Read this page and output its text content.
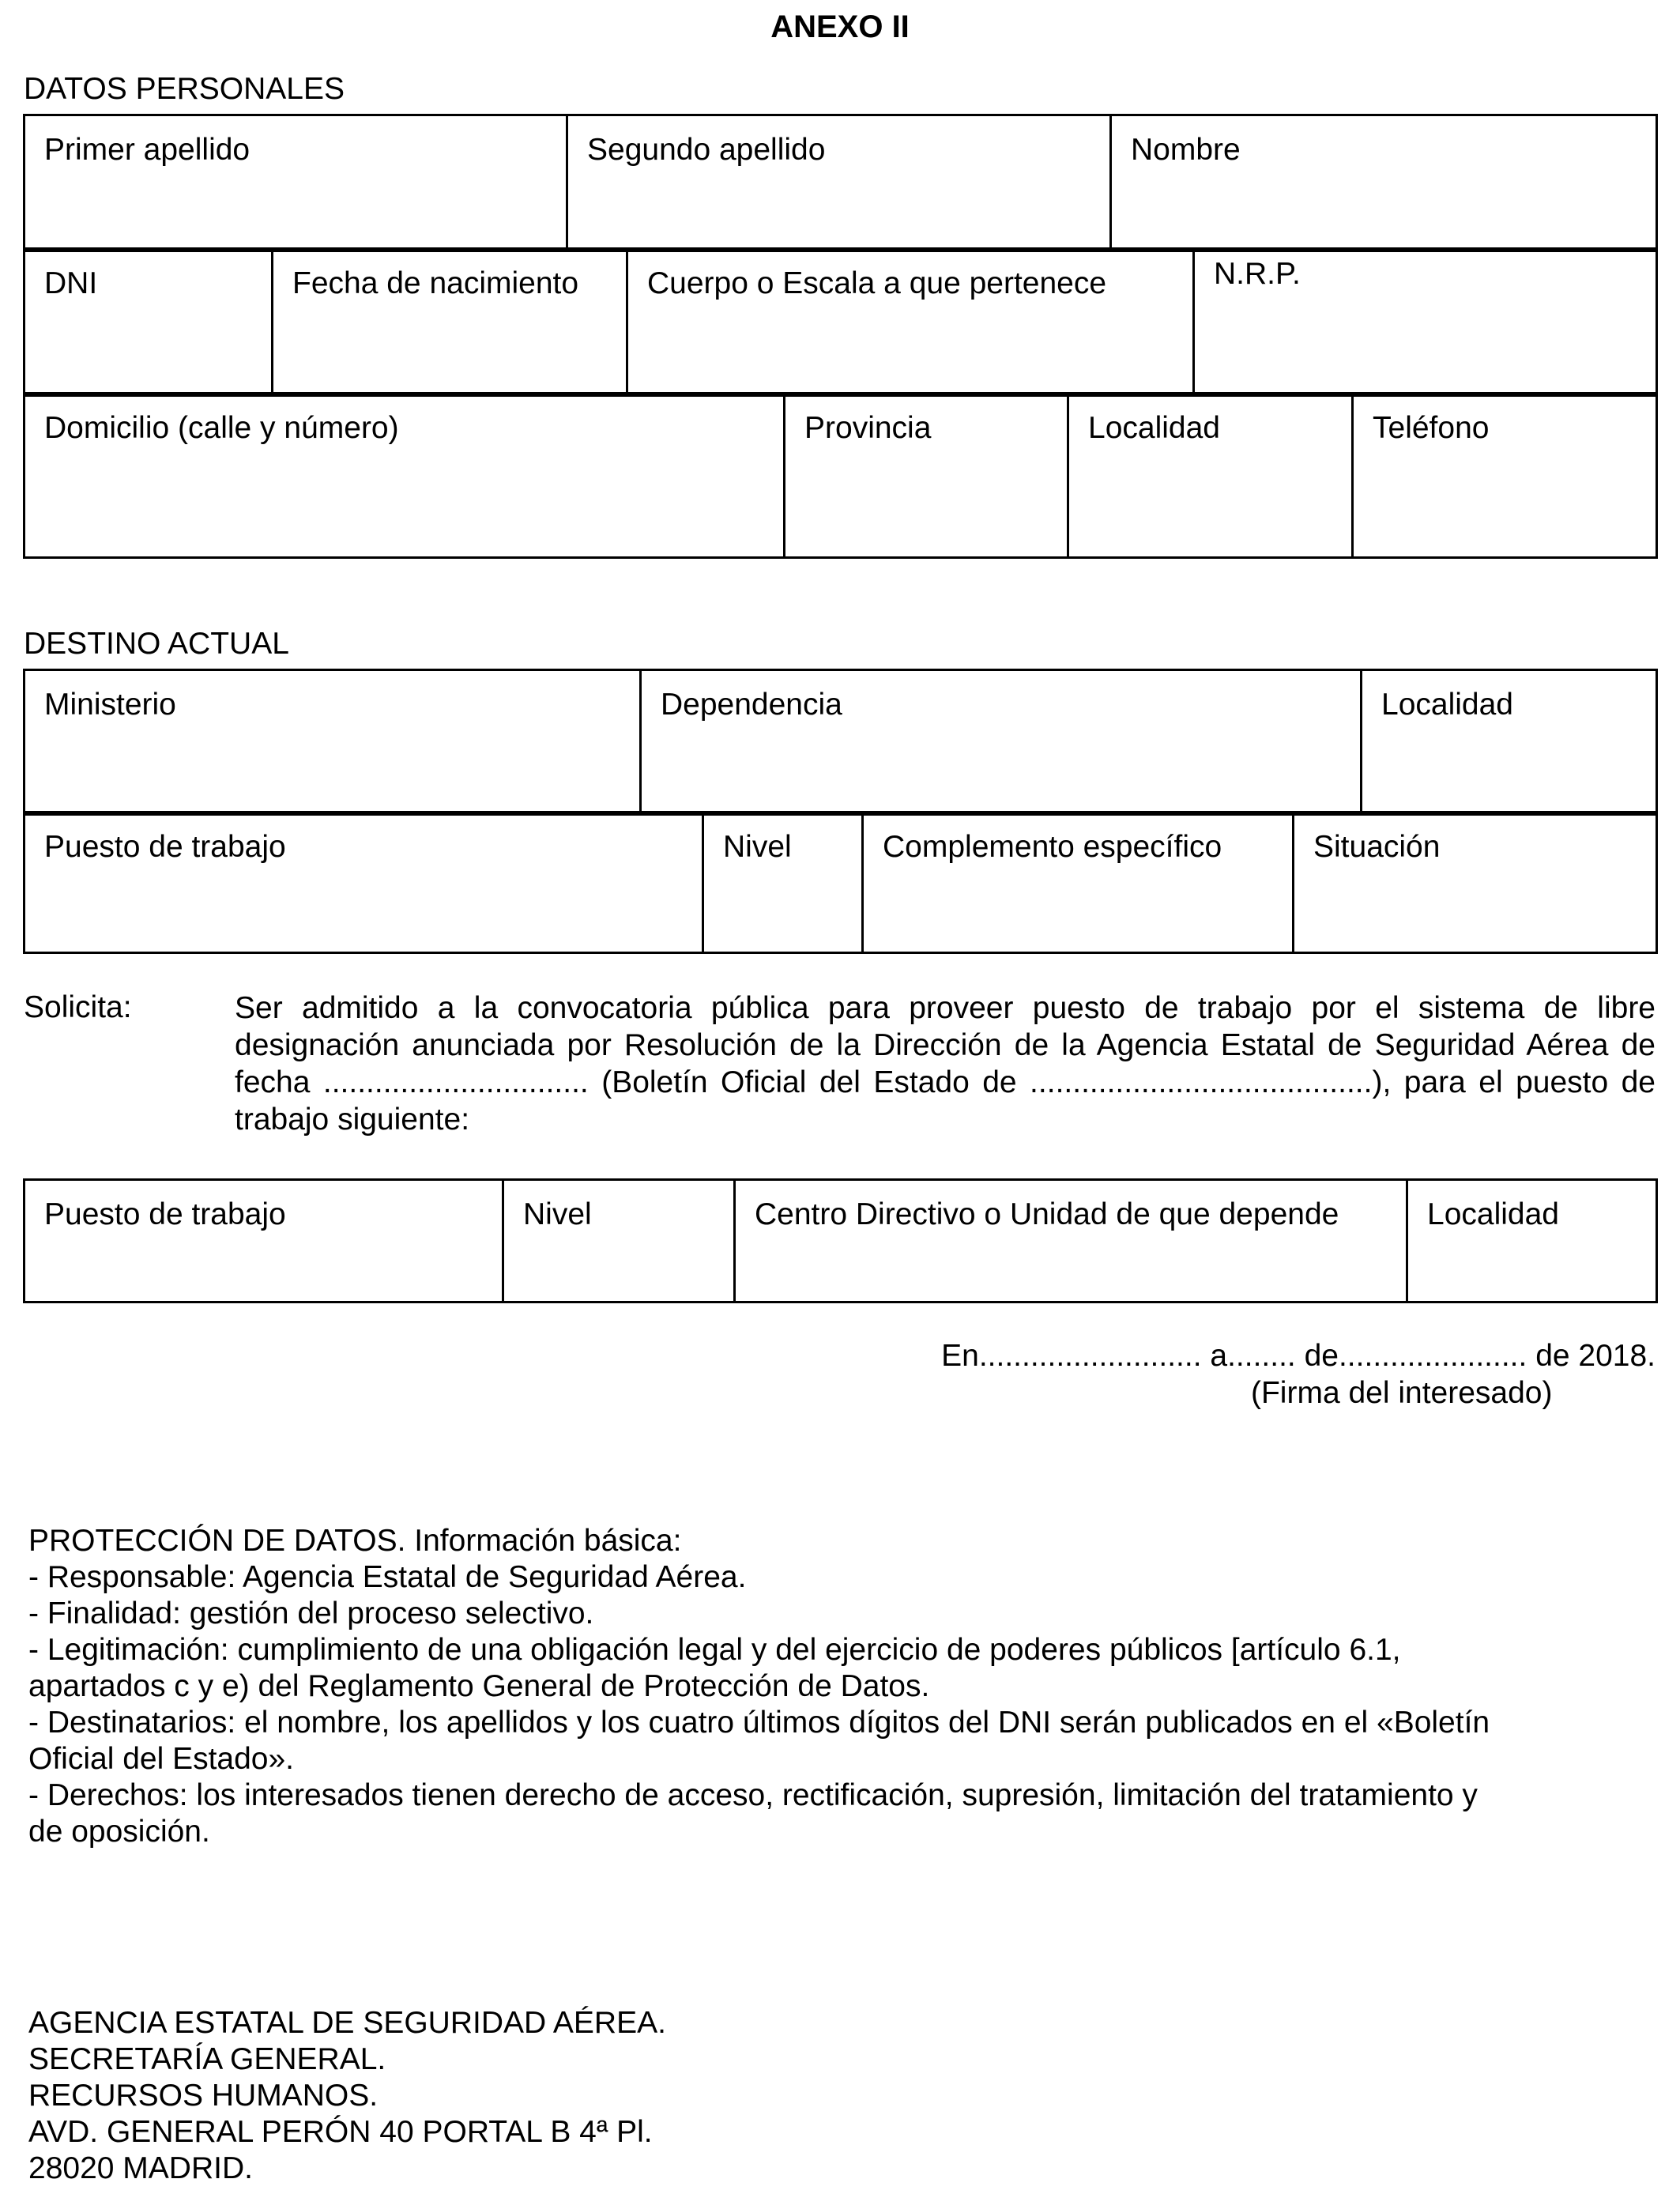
ANEXO II
DATOS PERSONALES
Primer apellido	Segundo apellido	Nombre
DNI	Fecha de nacimiento	Cuerpo o Escala a que pertenece	N.R.P.
Domicilio (calle y número)	Provincia	Localidad	Teléfono
DESTINO ACTUAL
Ministerio	Dependencia	Localidad
Puesto de trabajo	Nivel	Complemento específico	Situación
Solicita:	Ser admitido a la convocatoria pública para proveer puesto de trabajo por el sistema de libre designación anunciada por Resolución de la Dirección de la Agencia Estatal de Seguridad Aérea de fecha ............................... (Boletín Oficial del Estado de ........................................), para el puesto de trabajo siguiente:
Puesto de trabajo	Nivel	Centro Directivo o Unidad de que depende	Localidad
En.......................... a........ de...................... de 2018.
(Firma del interesado)
PROTECCIÓN DE DATOS. Información básica:
- Responsable: Agencia Estatal de Seguridad Aérea.
- Finalidad: gestión del proceso selectivo.
- Legitimación: cumplimiento de una obligación legal y del ejercicio de poderes públicos [artículo 6.1,
apartados c y e) del Reglamento General de Protección de Datos.
- Destinatarios: el nombre, los apellidos y los cuatro últimos dígitos del DNI serán publicados en el «Boletín
Oficial del Estado».
- Derechos: los interesados tienen derecho de acceso, rectificación, supresión, limitación del tratamiento y
de oposición.
AGENCIA ESTATAL DE SEGURIDAD AÉREA.
SECRETARÍA GENERAL.
RECURSOS HUMANOS.
AVD. GENERAL PERÓN 40 PORTAL B 4ª Pl.
28020 MADRID.
